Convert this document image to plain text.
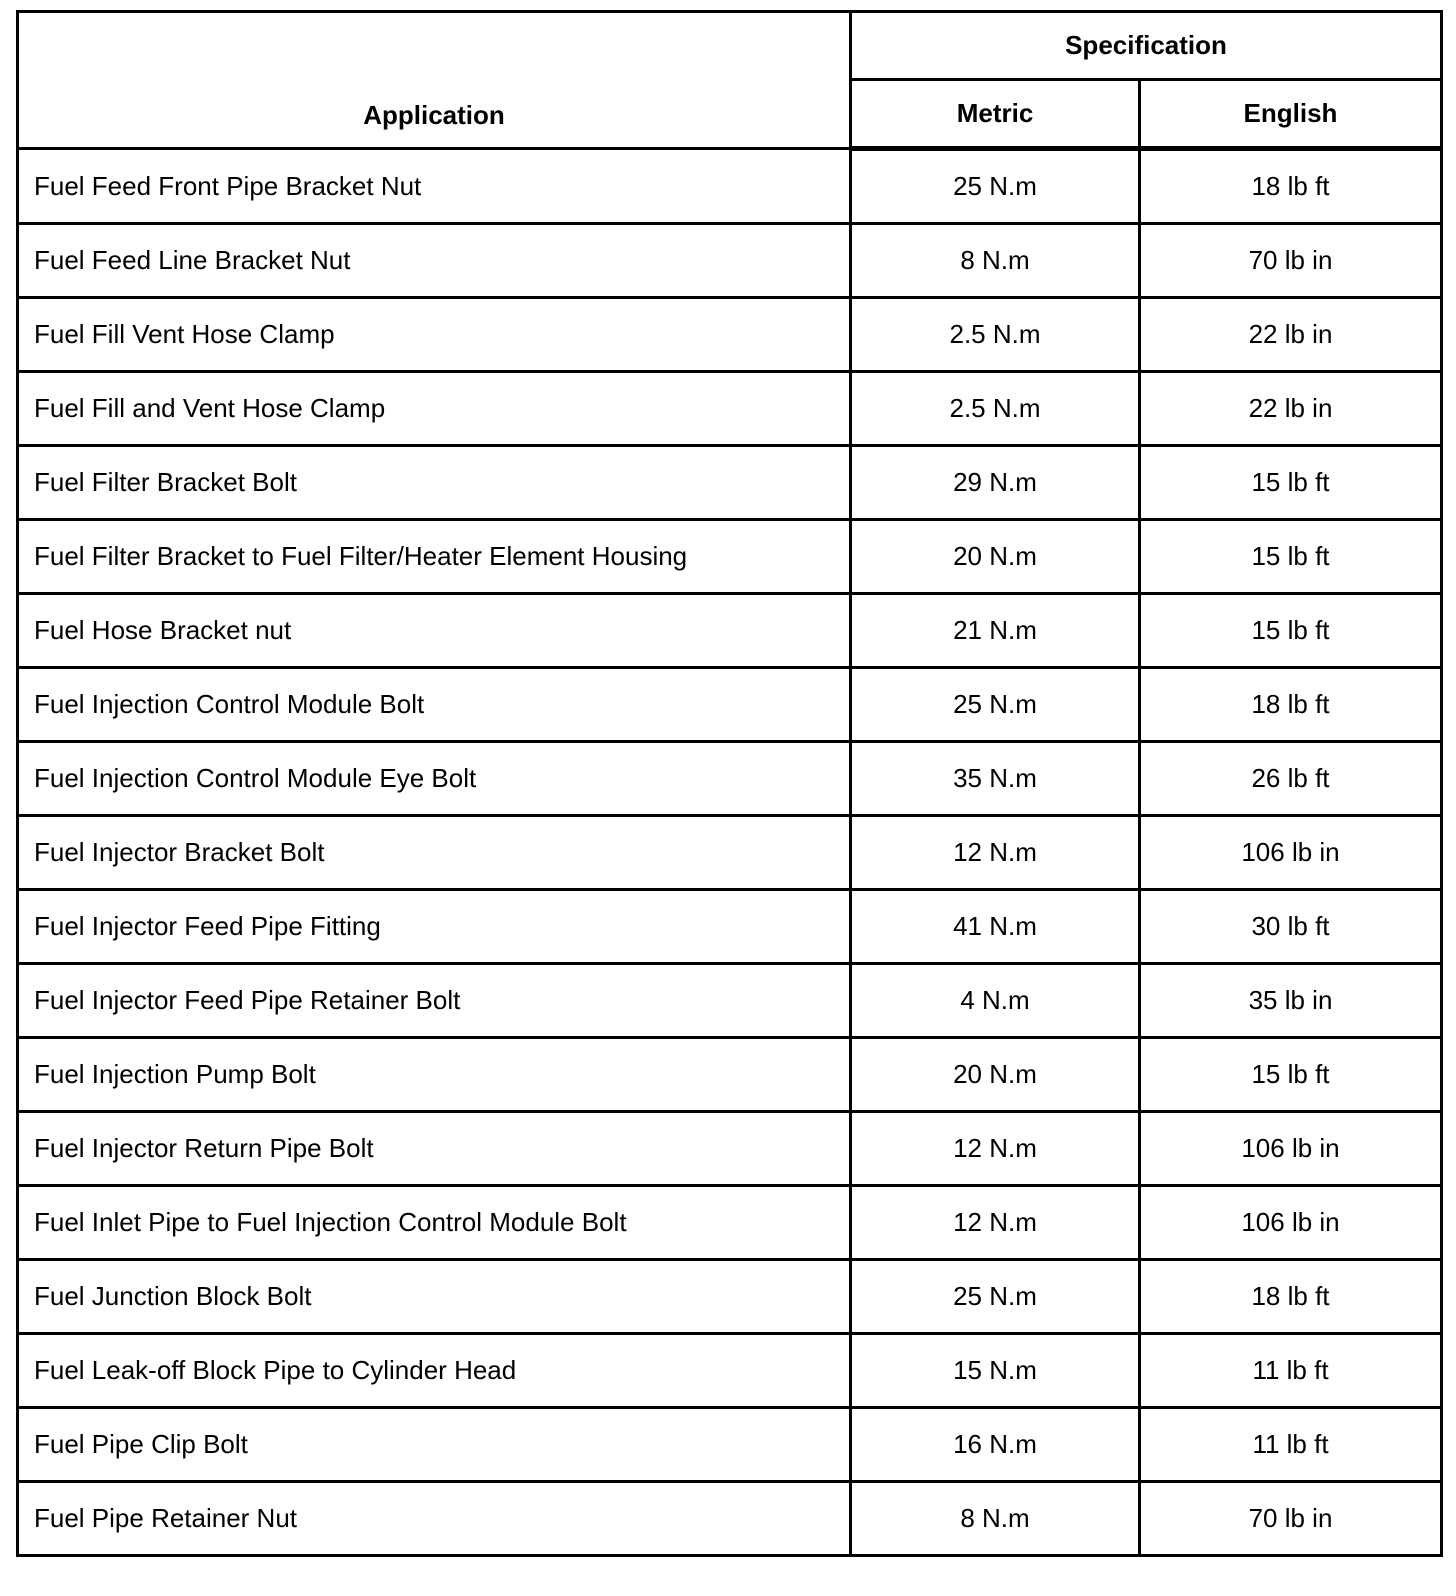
Application	Specification	
	Metric	English
Fuel Feed Front Pipe Bracket Nut	25 N.m	18 lb ft
Fuel Feed Line Bracket Nut	8 N.m	70 lb in
Fuel Fill Vent Hose Clamp	2.5 N.m	22 lb in
Fuel Fill and Vent Hose Clamp	2.5 N.m	22 lb in
Fuel Filter Bracket Bolt	29 N.m	15 lb ft
Fuel Filter Bracket to Fuel Filter/Heater Element Housing	20 N.m	15 lb ft
Fuel Hose Bracket nut	21 N.m	15 lb ft
Fuel Injection Control Module Bolt	25 N.m	18 lb ft
Fuel Injection Control Module Eye Bolt	35 N.m	26 lb ft
Fuel Injector Bracket Bolt	12 N.m	106 lb in
Fuel Injector Feed Pipe Fitting	41 N.m	30 lb ft
Fuel Injector Feed Pipe Retainer Bolt	4 N.m	35 lb in
Fuel Injection Pump Bolt	20 N.m	15 lb ft
Fuel Injector Return Pipe Bolt	12 N.m	106 lb in
Fuel Inlet Pipe to Fuel Injection Control Module Bolt	12 N.m	106 lb in
Fuel Junction Block Bolt	25 N.m	18 lb ft
Fuel Leak-off Block Pipe to Cylinder Head	15 N.m	11 lb ft
Fuel Pipe Clip Bolt	16 N.m	11 lb ft
Fuel Pipe Retainer Nut	8 N.m	70 lb in
